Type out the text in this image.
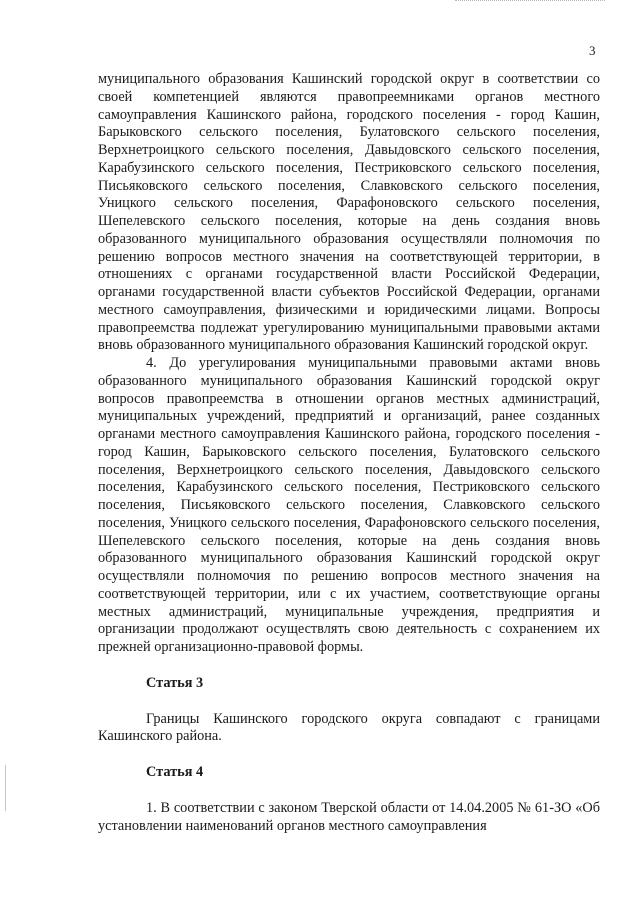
3

муниципального образования Кашинский городской округ в соответствии со своей компетенцией являются правопреемниками органов местного самоуправления Кашинского района, городского поселения - город Кашин, Барыковского сельского поселения, Булатовского сельского поселения, Верхнетроицкого сельского поселения, Давыдовского сельского поселения, Карабузинского сельского поселения, Пестриковского сельского поселения, Письяковского сельского поселения, Славковского сельского поселения, Уницкого сельского поселения, Фарафоновского сельского поселения, Шепелевского сельского поселения, которые на день создания вновь образованного муниципального образования осуществляли полномочия по решению вопросов местного значения на соответствующей территории, в отношениях с органами государственной власти Российской Федерации, органами государственной власти субъектов Российской Федерации, органами местного самоуправления, физическими и юридическими лицами. Вопросы правопреемства подлежат урегулированию муниципальными правовыми актами вновь образованного муниципального образования Кашинский городской округ.

4. До урегулирования муниципальными правовыми актами вновь образованного муниципального образования Кашинский городской округ вопросов правопреемства в отношении органов местных администраций, муниципальных учреждений, предприятий и организаций, ранее созданных органами местного самоуправления Кашинского района, городского поселения - город Кашин, Барыковского сельского поселения, Булатовского сельского поселения, Верхнетроицкого сельского поселения, Давыдовского сельского поселения, Карабузинского сельского поселения, Пестриковского сельского поселения, Письяковского сельского поселения, Славковского сельского поселения, Уницкого сельского поселения, Фарафоновского сельского поселения, Шепелевского сельского поселения, которые на день создания вновь образованного муниципального образования Кашинский городской округ осуществляли полномочия по решению вопросов местного значения на соответствующей территории, или с их участием, соответствующие органы местных администраций, муниципальные учреждения, предприятия и организации продолжают осуществлять свою деятельность с сохранением их прежней организационно-правовой формы.

Статья 3

Границы Кашинского городского округа совпадают с границами Кашинского района.

Статья 4

1. В соответствии с законом Тверской области от 14.04.2005 № 61-ЗО «Об установлении наименований органов местного самоуправления
